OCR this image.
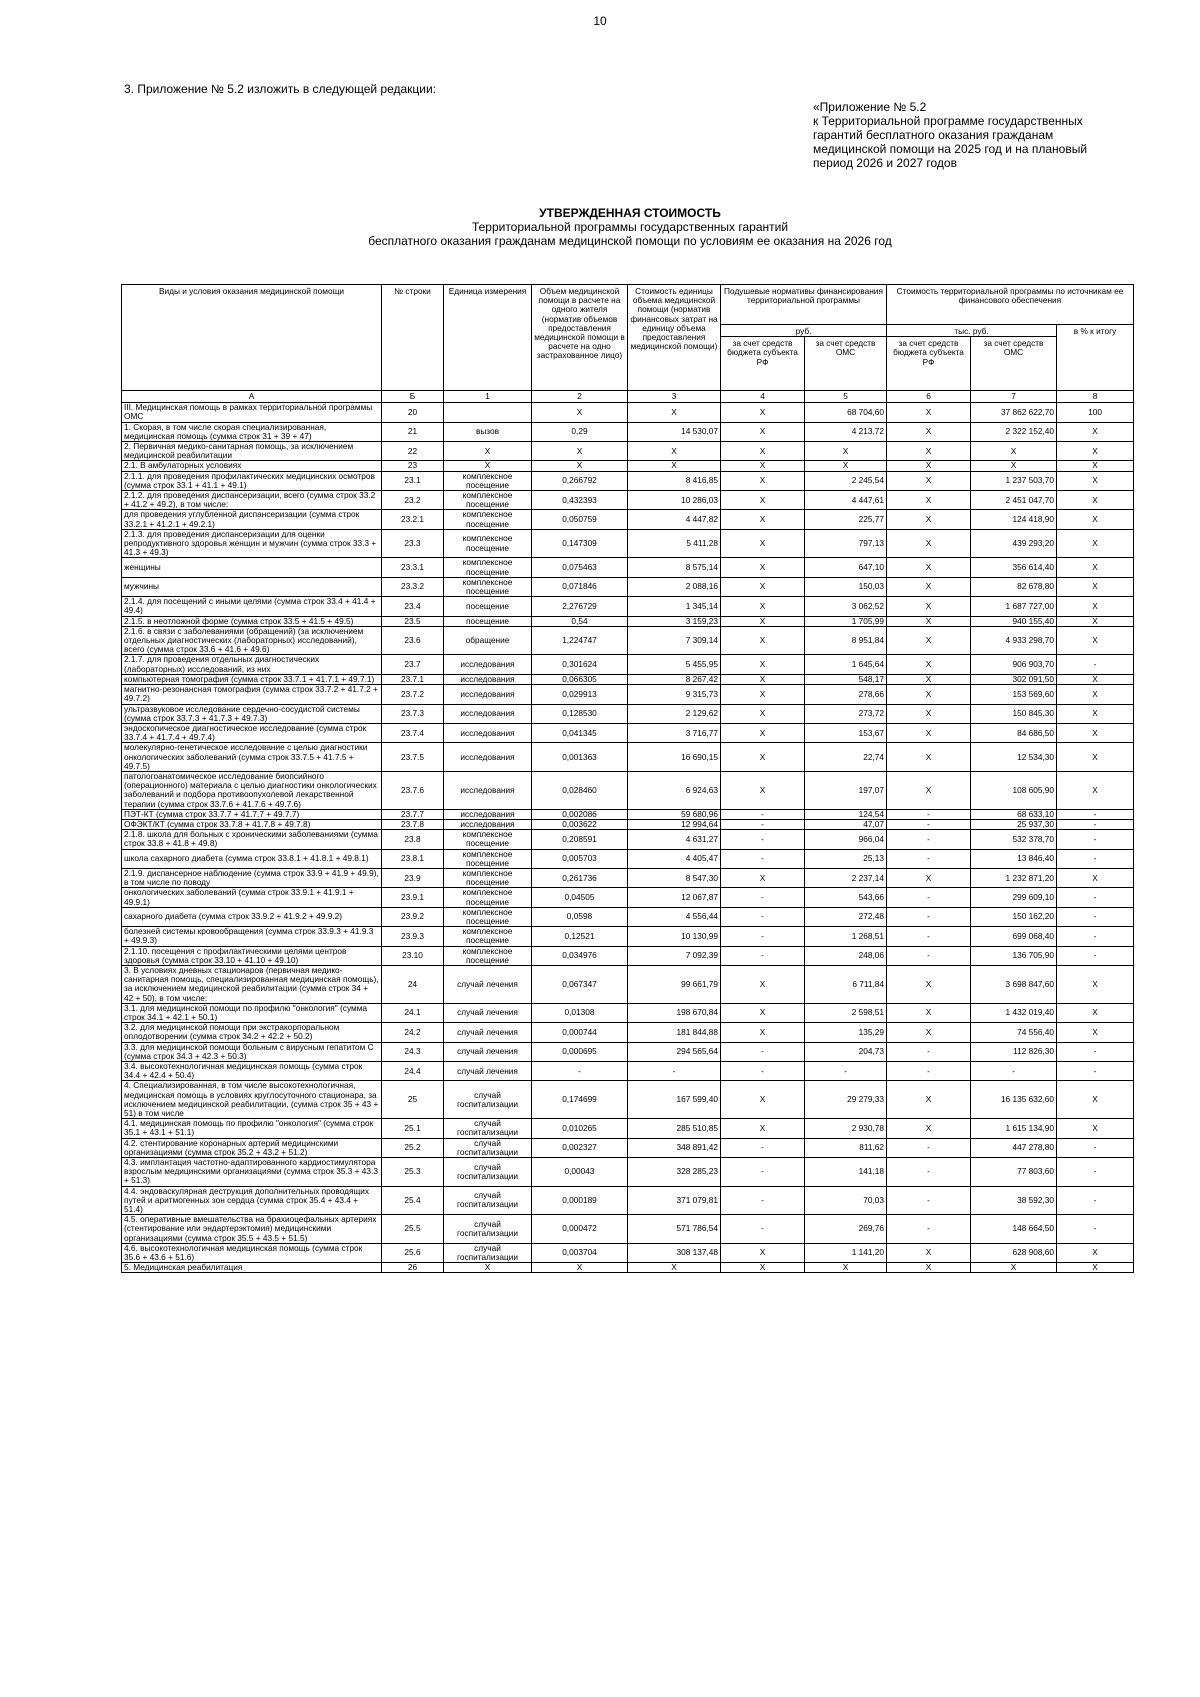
10
3. Приложение № 5.2 изложить в следующей редакции:
«Приложение № 5.2
к Территориальной программе государственных
гарантий бесплатного оказания гражданам
медицинской помощи на 2025 год и на плановый
период 2026 и 2027 годов
УТВЕРЖДЕННАЯ СТОИМОСТЬ
Территориальной программы государственных гарантий
бесплатного оказания гражданам медицинской помощи по условиям ее оказания на 2026 год
Виды и условия оказания медицинской помощи	№ строки	Единица измерения	Объем медицинской помощи в расчете на одного жителя (норматив объемов предоставления медицинской помощи в расчете на одно застрахованное лицо)	Стоимость единицы объема медицинской помощи (норматив финансовых затрат на единицу объема предоставления медицинской помощи)	Подушевые нормативы финансирования территориальной программы		Стоимость территориальной программы по источникам ее финансового обеспечения		
					руб.		тыс. руб.		в % к итогу
					за счет средств бюджета субъекта РФ	за счет средств ОМС	за счет средств бюджета субъекта РФ	за счет средств ОМС	
А	Б	1	2	3	4	5	6	7	8
III. Медицинская помощь в рамках территориальной программы ОМС	20		X	X	X	68 704,60	X	37 862 622,70	100
1. Скорая, в том числе скорая специализированная, медицинская помощь (сумма строк 31 + 39 + 47)	21	вызов	0,29	14 530,07	X	4 213,72	X	2 322 152,40	X
2. Первичная медико-санитарная помощь, за исключением медицинской реабилитации	22	X	X	X	X	X	X	X	X
2.1. В амбулаторных условиях	23	X	X	X	X	X	X	X	X
2.1.1. для проведения профилактических медицинских осмотров (сумма строк 33.1 + 41.1 + 49.1)	23.1	комплексное посещение	0,266792	8 416,85	X	2 245,54	X	1 237 503,70	X
2.1.2. для проведения диспансеризации, всего (сумма строк 33.2 + 41.2 + 49.2), в том числе:	23.2	комплексное посещение	0,432393	10 286,03	X	4 447,61	X	2 451 047,70	X
для проведения углубленной диспансеризации (сумма строк 33.2.1 + 41.2.1 + 49.2.1)	23.2.1	комплексное посещение	0,050759	4 447,82	X	225,77	X	124 418,90	X
2.1.3. для проведения диспансеризации для оценки репродуктивного здоровья женщин и мужчин (сумма строк 33.3 + 41.3 + 49.3)	23.3	комплексное посещение	0,147309	5 411,28	X	797,13	X	439 293,20	X
женщины	23.3.1	комплексное посещение	0,075463	8 575,14	X	647,10	X	356 614,40	X
мужчины	23.3.2	комплексное посещение	0,071846	2 088,16	X	150,03	X	82 678,80	X
2.1.4. для посещений с иными целями (сумма строк 33.4 + 41.4 + 49.4)	23.4	посещение	2,276729	1 345,14	X	3 062,52	X	1 687 727,00	X
2.1.5. в неотложной форме (сумма строк 33.5 + 41.5 + 49.5)	23.5	посещение	0,54	3 159,23	X	1 705,99	X	940 155,40	X
2.1.6. в связи с заболеваниями (обращений) (за исключением отдельных диагностических (лабораторных) исследований), всего (сумма строк 33.6 + 41.6 + 49.6)	23.6	обращение	1,224747	7 309,14	X	8 951,84	X	4 933 298,70	X
2.1.7. для проведения отдельных диагностических (лабораторных) исследований, из них	23.7	исследования	0,301624	5 455,95	X	1 645,64	X	906 903,70	-
компьютерная томография (сумма строк 33.7.1 + 41.7.1 + 49.7.1)	23.7.1	исследования	0,066305	8 267,42	X	548,17	X	302 091,50	X
магнитно-резонансная томография (сумма строк 33.7.2 + 41.7.2 + 49.7.2)	23.7.2	исследования	0,029913	9 315,73	X	278,66	X	153 569,60	X
ультразвуковое исследование сердечно-сосудистой системы (сумма строк 33.7.3 + 41.7.3 + 49.7.3)	23.7.3	исследования	0,128530	2 129,62	X	273,72	X	150 845,30	X
эндоскопическое диагностическое исследование (сумма строк 33.7.4 + 41.7.4 + 49.7.4)	23.7.4	исследования	0,041345	3 716,77	X	153,67	X	84 686,50	X
молекулярно-генетическое исследование с целью диагностики онкологических заболеваний (сумма строк 33.7.5 + 41.7.5 + 49.7.5)	23.7.5	исследования	0,001363	16 690,15	X	22,74	X	12 534,30	X
патологоанатомическое исследование биопсийного (операционного) материала с целью диагностики онкологических заболеваний и подбора противоопухолевой лекарственной терапии (сумма строк 33.7.6 + 41.7.6 + 49.7.6)	23.7.6	исследования	0,028460	6 924,63	X	197,07	X	108 605,90	X
ПЭТ-КТ (сумма строк 33.7.7 + 41.7.7 + 49.7.7)	23.7.7	исследования	0,002086	59 680,96	-	124,54	-	68 633,10	-
ОФЭКТ/КТ (сумма строк 33.7.8 + 41.7.8 + 49.7.8)	23.7.8	исследования	0,003622	12 994,64	-	47,07	-	25 937,30	-
2.1.8. школа для больных с хроническими заболеваниями (сумма строк 33.8 + 41.8 + 49.8)	23.8	комплексное посещение	0,208591	4 631,27	-	966,04	-	532 378,70	-
школа сахарного диабета (сумма строк 33.8.1 + 41.8.1 + 49.8.1)	23.8.1	комплексное посещение	0,005703	4 405,47	-	25,13	-	13 846,40	-
2.1.9. диспансерное наблюдение (сумма строк 33.9 + 41.9 + 49.9), в том числе по поводу	23.9	комплексное посещение	0,261736	8 547,30	X	2 237,14	X	1 232 871,20	X
онкологических заболеваний (сумма строк 33.9.1 + 41.9.1 + 49.9.1)	23.9.1	комплексное посещение	0,04505	12 067,87	-	543,66	-	299 609,10	-
сахарного диабета (сумма строк 33.9.2 + 41.9.2 + 49.9.2)	23.9.2	комплексное посещение	0,0598	4 556,44	-	272,48	-	150 162,20	-
болезней системы кровообращения (сумма строк 33.9.3 + 41.9.3 + 49.9.3)	23.9.3	комплексное посещение	0,12521	10 130,99	-	1 268,51	-	699 068,40	-
2.1.10. посещения с профилактическими целями центров здоровья (сумма строк 33.10 + 41.10 + 49.10)	23.10	комплексное посещение	0,034976	7 092,39	-	248,06	-	136 705,90	-
3. В условиях дневных стационаров (первичная медико-санитарная помощь, специализированная медицинская помощь), за исключением медицинской реабилитации (сумма строк 34 + 42 + 50), в том числе:	24	случай лечения	0,067347	99 661,79	X	6 711,84	X	3 698 847,60	X
3.1. для медицинской помощи по профилю "онкология" (сумма строк 34.1 + 42.1 + 50.1)	24.1	случай лечения	0,01308	198 670,84	X	2 598,51	X	1 432 019,40	X
3.2. для медицинской помощи при экстракорпоральном оплодотворении (сумма строк 34.2 + 42.2 + 50.2)	24.2	случай лечения	0,000744	181 844,88	X	135,29	X	74 556,40	X
3.3. для медицинской помощи больным с вирусным гепатитом С (сумма строк 34.3 + 42.3 + 50.3)	24.3	случай лечения	0,000695	294 565,64	-	204,73	-	112 826,30	-
3.4. высокотехнологичная медицинская помощь (сумма строк 34.4 + 42.4 + 50.4)	24.4	случай лечения	-	-	-	-	-	-	-
4. Специализированная, в том числе высокотехнологичная, медицинская помощь в условиях круглосуточного стационара, за исключением медицинской реабилитации, (сумма строк 35 + 43 + 51) в том числе	25	случай госпитализации	0,174699	167 599,40	X	29 279,33	X	16 135 632,60	X
4.1. медицинская помощь по профилю "онкология" (сумма строк 35.1 + 43.1 + 51.1)	25.1	случай госпитализации	0,010265	285 510,85	X	2 930,78	X	1 615 134,90	X
4.2. стентирование коронарных артерий медицинскими организациями (сумма строк 35.2 + 43.2 + 51.2)	25.2	случай госпитализации	0,002327	348 891,42	-	811,62	-	447 278,80	-
4.3. имплантация частотно-адаптированного кардиостимулятора взрослым медицинскими организациями (сумма строк 35.3 + 43.3 + 51.3)	25.3	случай госпитализации	0,00043	328 285,23	-	141,18	-	77 803,60	-
4.4. эндоваскулярная деструкция дополнительных проводящих путей и аритмогенных зон сердца (сумма строк 35.4 + 43.4 + 51.4)	25.4	случай госпитализации	0,000189	371 079,81	-	70,03	-	38 592,30	-
4.5. оперативные вмешательства на брахиоцефальных артериях (стентирование или эндартерэктомия) медицинскими организациями (сумма строк 35.5 + 43.5 + 51.5)	25.5	случай госпитализации	0,000472	571 786,54	-	269,76	-	148 664,50	-
4.6. высокотехнологичная медицинская помощь (сумма строк 35.6 + 43.6 + 51.6)	25.6	случай госпитализации	0,003704	308 137,48	X	1 141,20	X	628 908,60	X
5. Медицинская реабилитация	26	X	X	X	X	X	X	X	X
